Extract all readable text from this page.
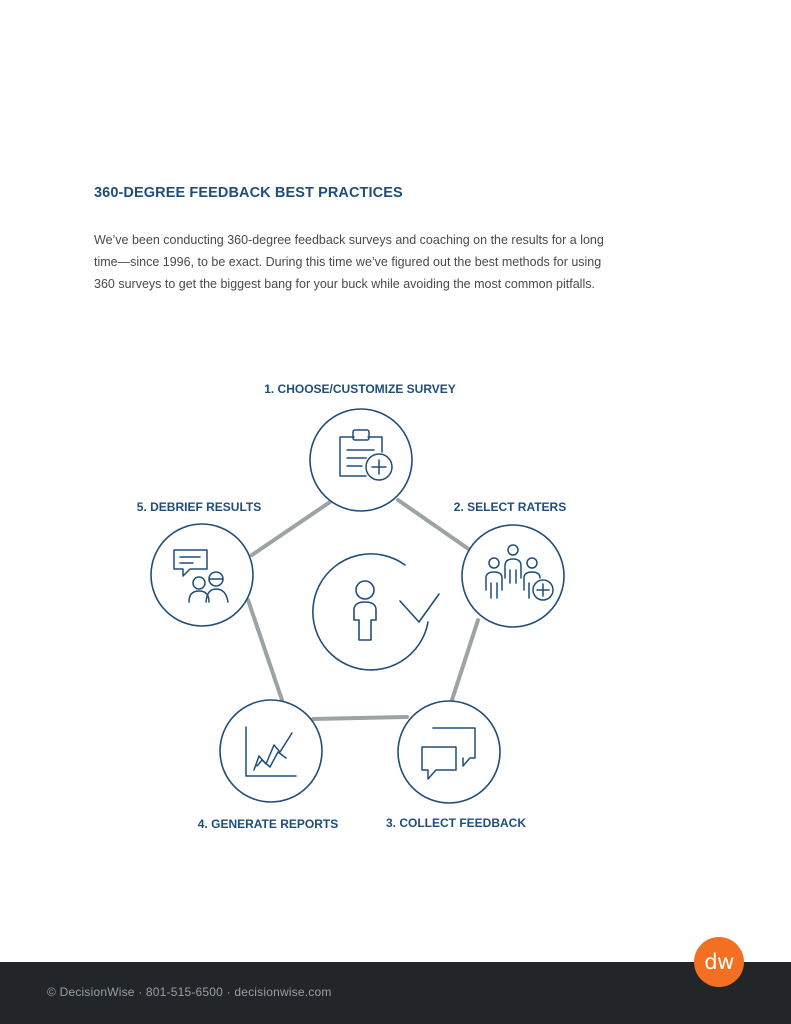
360-DEGREE FEEDBACK BEST PRACTICES

We’ve been conducting 360-degree feedback surveys and coaching on the results for a long time—since 1996, to be exact. During this time we’ve figured out the best methods for using 360 surveys to get the biggest bang for your buck while avoiding the most common pitfalls.

1. CHOOSE/CUSTOMIZE SURVEY
2. SELECT RATERS
3. COLLECT FEEDBACK
4. GENERATE REPORTS
5. DEBRIEF RESULTS
© DecisionWise · 801-515-6500 · decisionwise.com
dw
